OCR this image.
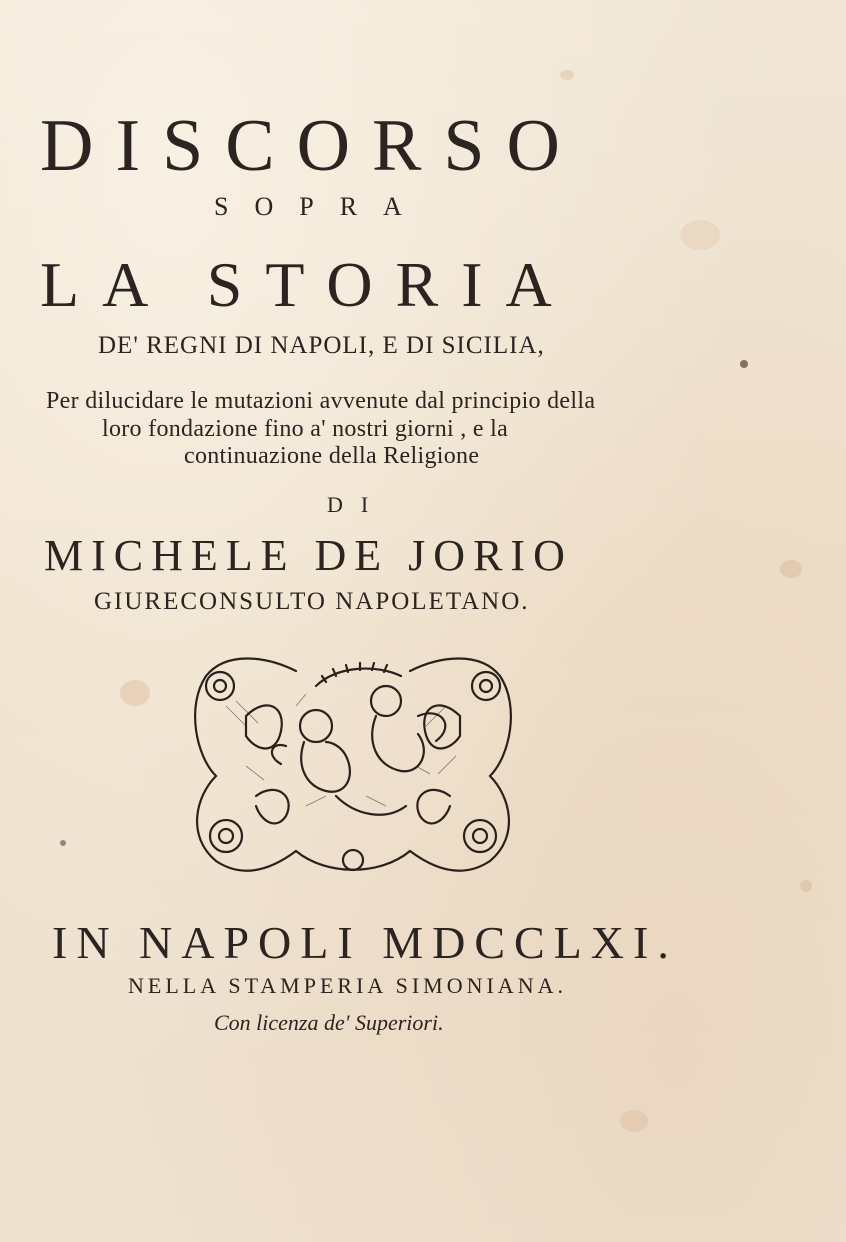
DISCORSO
SOPRA
LA STORIA
DE' REGNI DI NAPOLI, E DI SICILIA,
Per dilucidare le mutazioni avvenute dal principio della
loro fondazione fino a' nostri giorni , e la
continuazione della Religione
DI
MICHELE DE JORIO
GIURECONSULTO NAPOLETANO.
IN NAPOLI MDCCLXI.
NELLA STAMPERIA SIMONIANA.
Con licenza de' Superiori.
